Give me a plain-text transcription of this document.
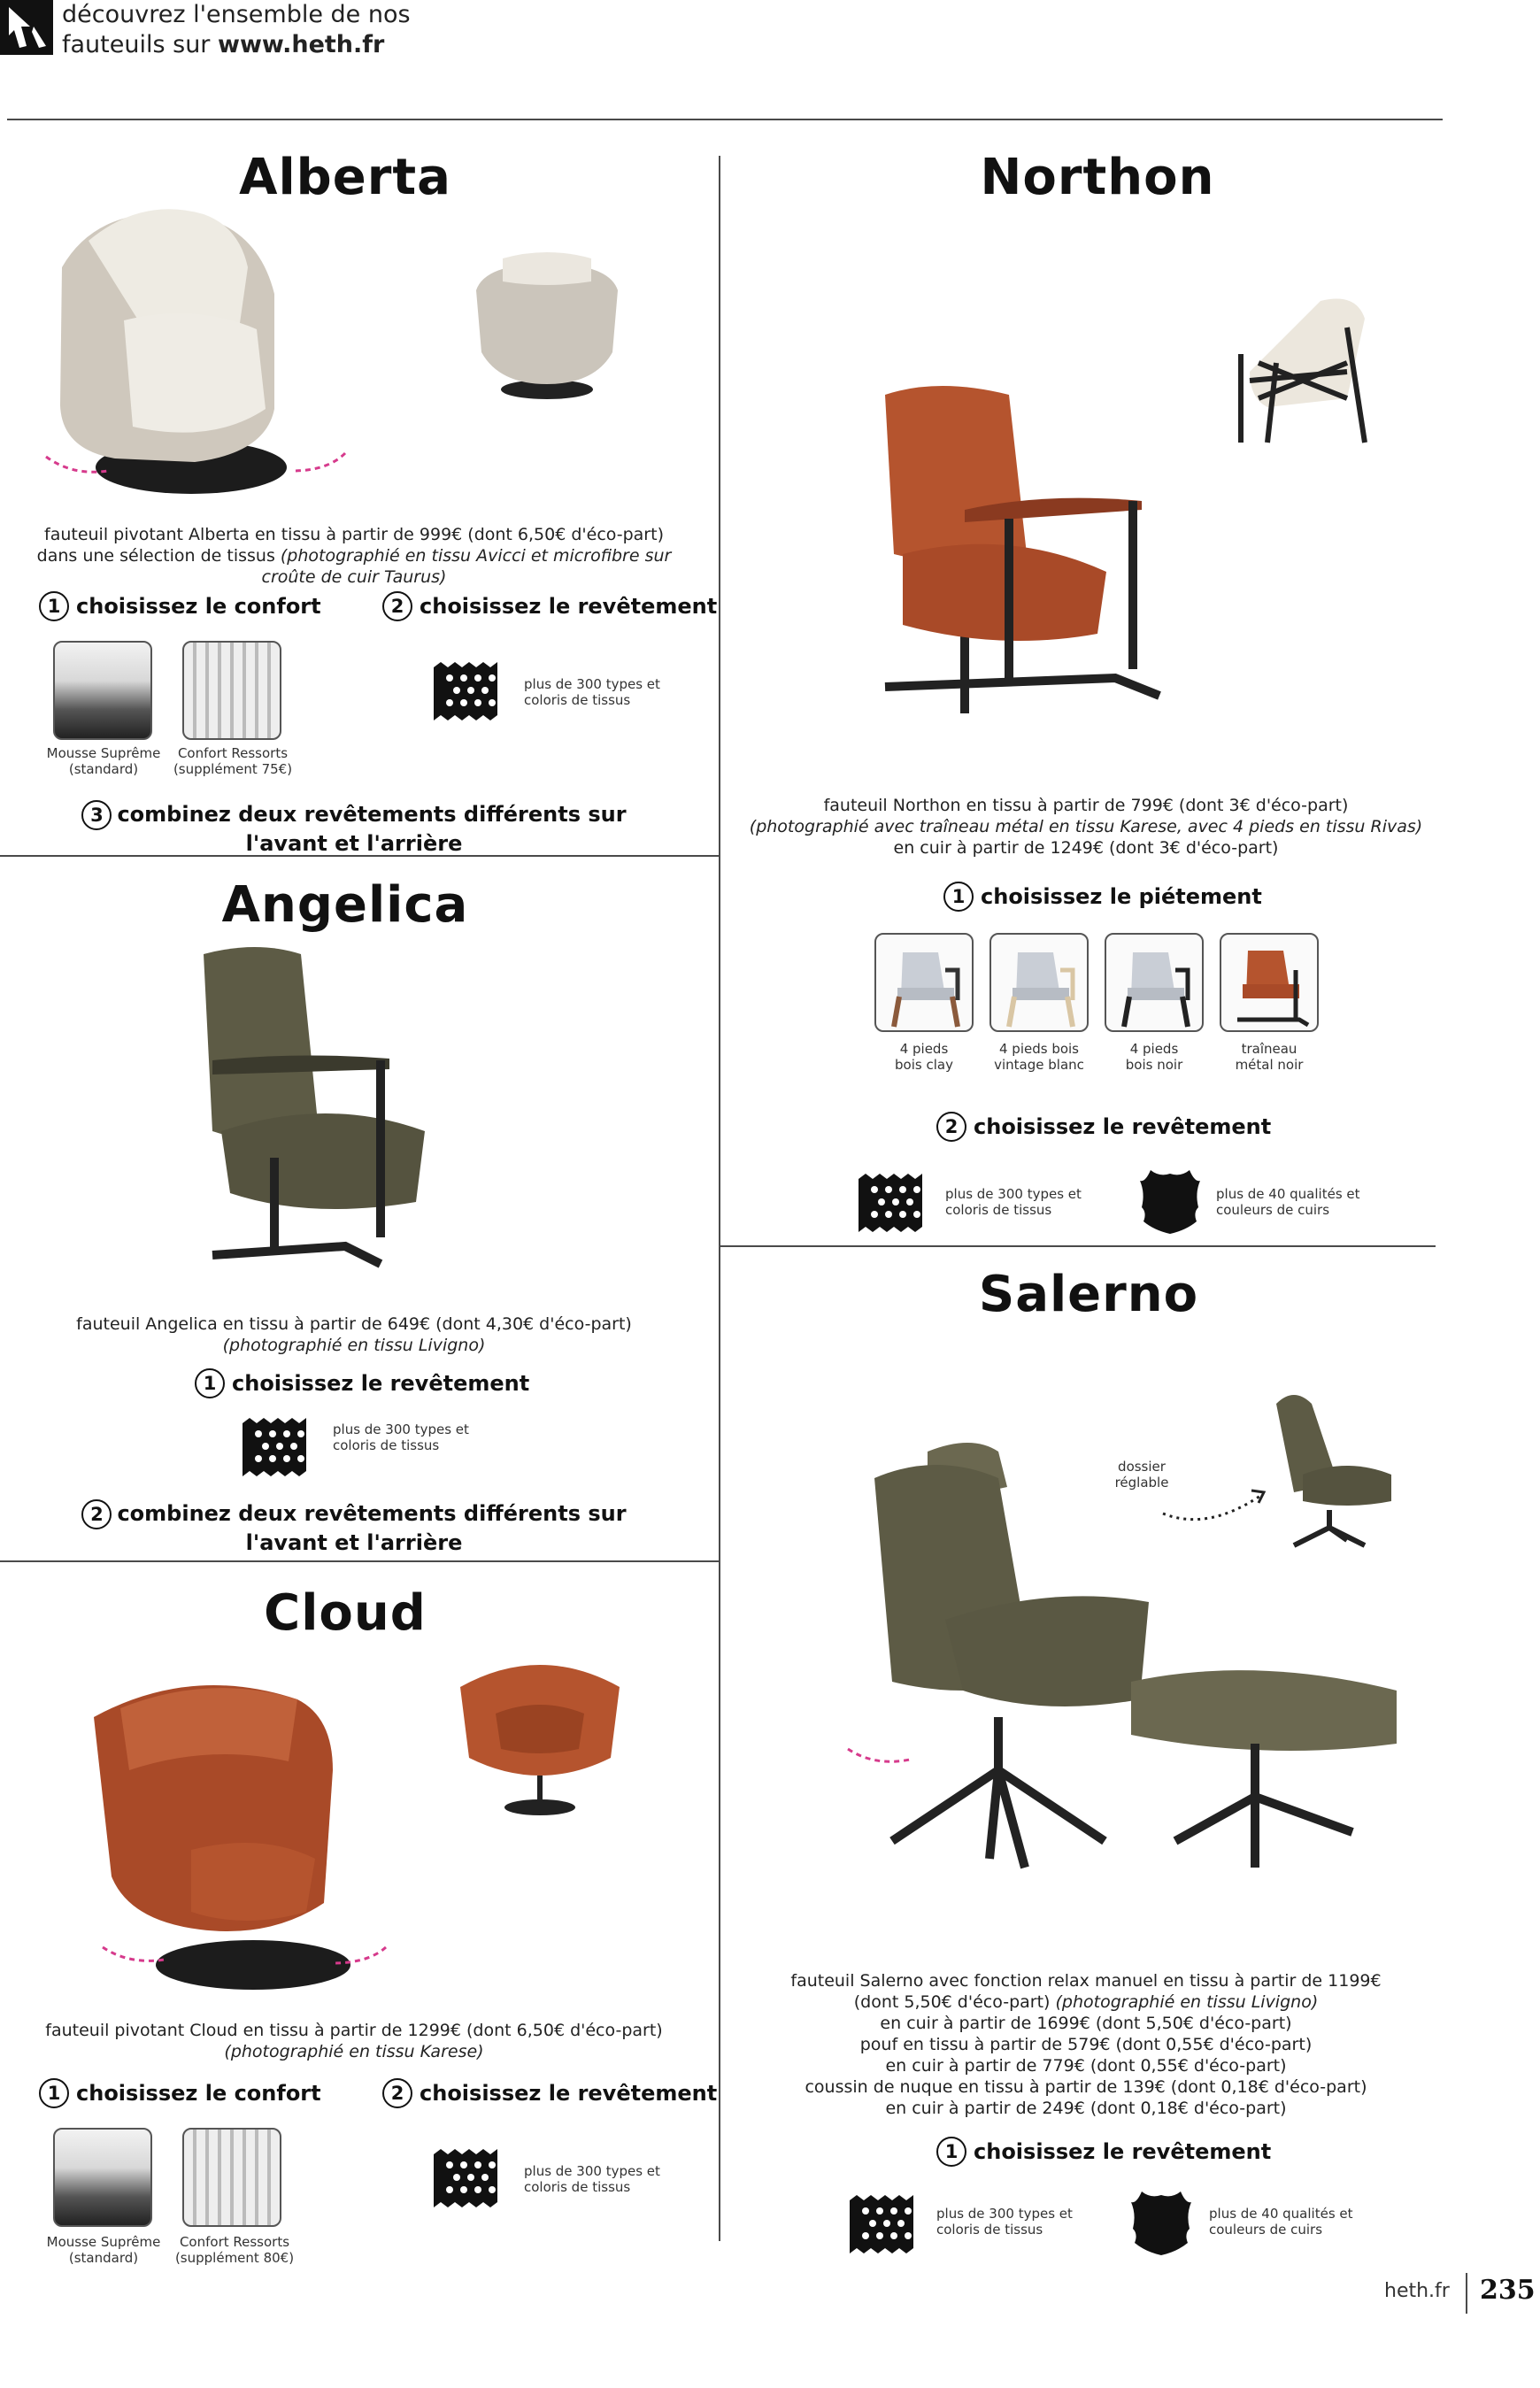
découvrez l'ensemble de nos
fauteuils sur www.heth.fr
Alberta
fauteuil pivotant Alberta en tissu à partir de 999€ (dont 6,50€ d'éco-part)
dans une sélection de tissus (photographié en tissu Avicci et microfibre sur
croûte de cuir Taurus)
1 choisissez le confort	2 choisissez le revêtement
Mousse Suprême
(standard)
Confort Ressorts
(supplément 75€)
plus de 300 types et
coloris de tissus
3 combinez deux revêtements différents sur
l'avant et l'arrière
Northon
fauteuil Northon en tissu à partir de 799€ (dont 3€ d'éco-part)
(photographié avec traîneau métal en tissu Karese, avec 4 pieds en tissu Rivas)
en cuir à partir de 1249€ (dont 3€ d'éco-part)
1 choisissez le piétement
4 pieds
bois clay
4 pieds bois
vintage blanc
4 pieds
bois noir
traîneau
métal noir
2 choisissez le revêtement
plus de 300 types et
coloris de tissus
plus de 40 qualités et
couleurs de cuirs
Angelica
fauteuil Angelica en tissu à partir de 649€ (dont 4,30€ d'éco-part)
(photographié en tissu Livigno)
1 choisissez le revêtement
plus de 300 types et
coloris de tissus
2 combinez deux revêtements différents sur
l'avant et l'arrière
Salerno
dossier
réglable
fauteuil Salerno avec fonction relax manuel en tissu à partir de 1199€
(dont 5,50€ d'éco-part) (photographié en tissu Livigno)
en cuir à partir de 1699€ (dont 5,50€ d'éco-part)
pouf en tissu à partir de 579€ (dont 0,55€ d'éco-part)
en cuir à partir de 779€ (dont 0,55€ d'éco-part)
coussin de nuque en tissu à partir de 139€ (dont 0,18€ d'éco-part)
en cuir à partir de 249€ (dont 0,18€ d'éco-part)
1 choisissez le revêtement
plus de 300 types et
coloris de tissus
plus de 40 qualités et
couleurs de cuirs
Cloud
fauteuil pivotant Cloud en tissu à partir de 1299€ (dont 6,50€ d'éco-part)
(photographié en tissu Karese)
1 choisissez le confort	2 choisissez le revêtement
Mousse Suprême
(standard)
Confort Ressorts
(supplément 80€)
plus de 300 types et
coloris de tissus
heth.fr 235
